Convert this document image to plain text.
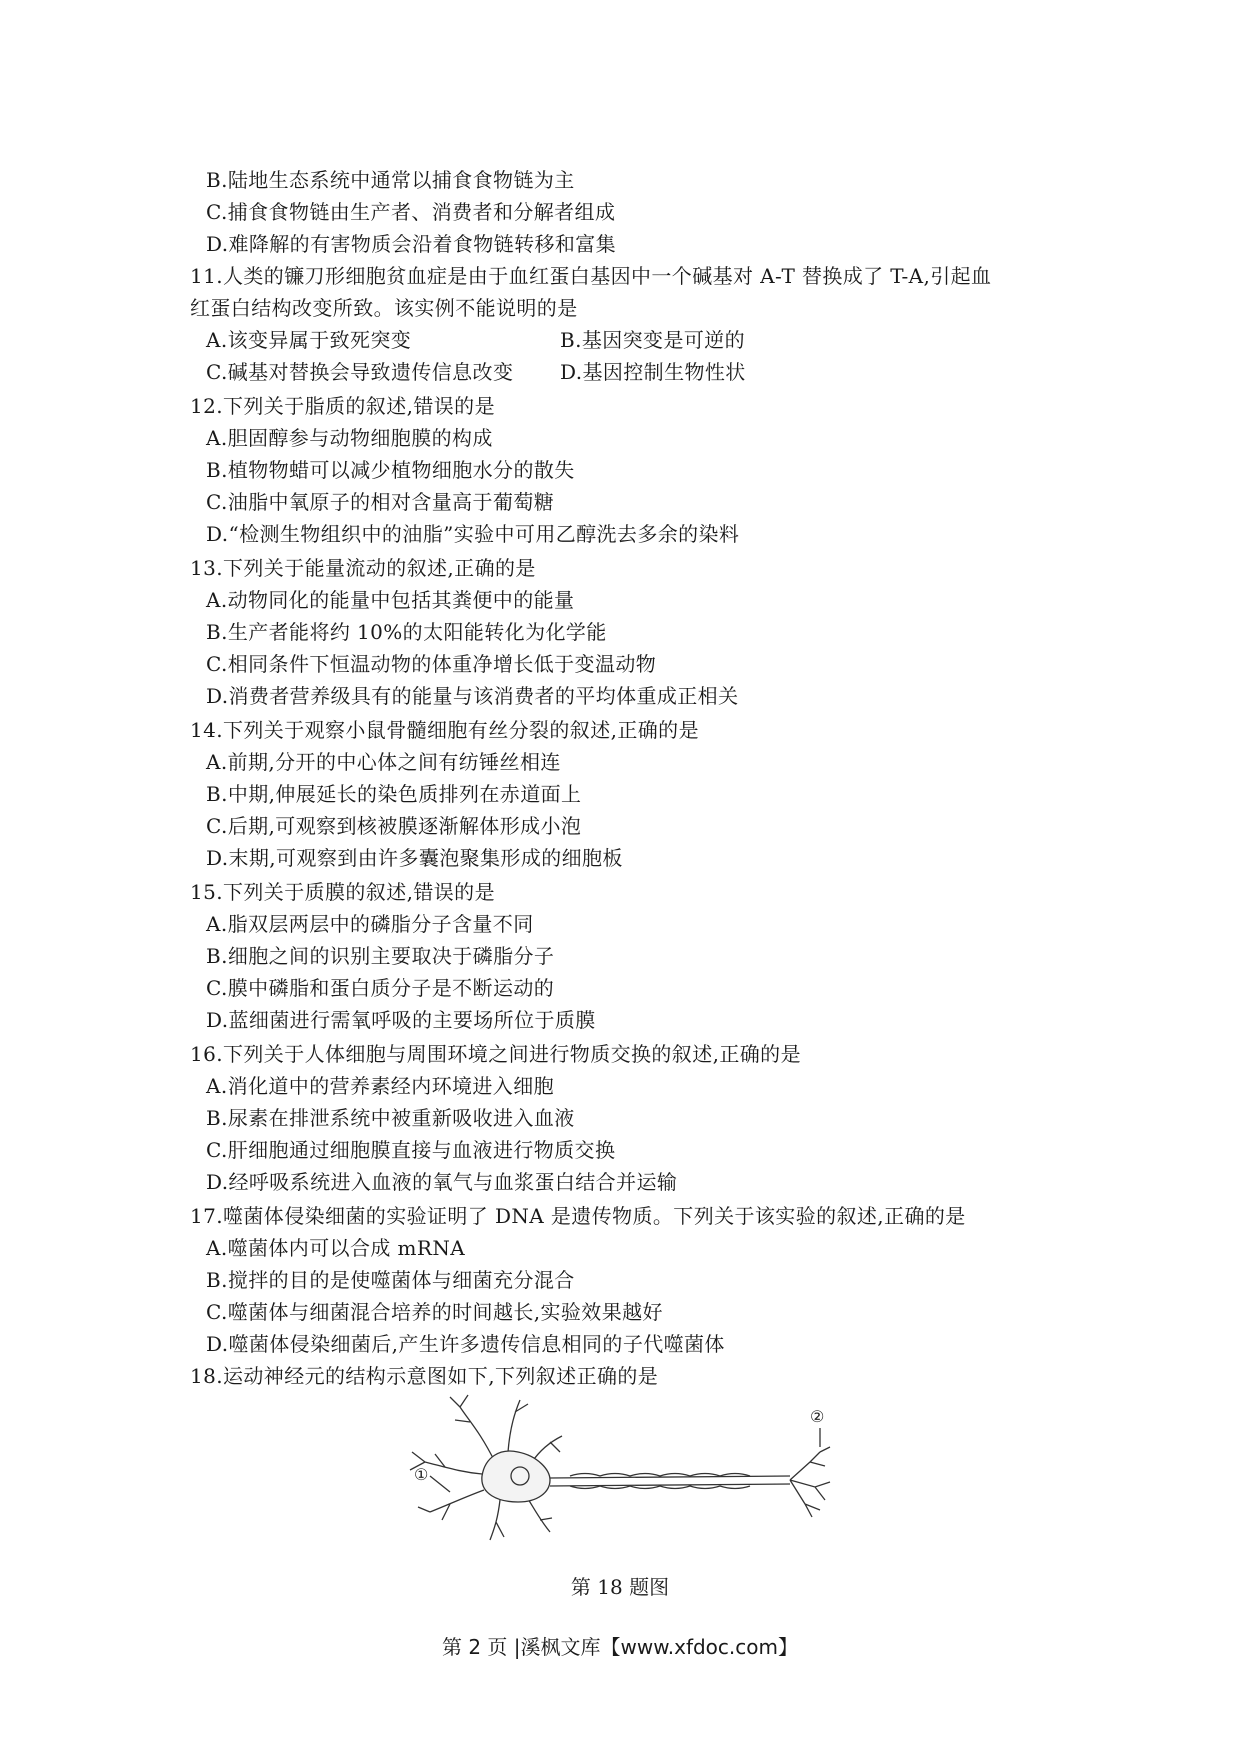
B.陆地生态系统中通常以捕食食物链为主
C.捕食食物链由生产者、消费者和分解者组成
D.难降解的有害物质会沿着食物链转移和富集
11.人类的镰刀形细胞贫血症是由于血红蛋白基因中一个碱基对 A-T 替换成了 T-A,引起血
红蛋白结构改变所致。该实例不能说明的是
A.该变异属于致死突变	B.基因突变是可逆的
C.碱基对替换会导致遗传信息改变 D.基因控制生物性状
12.下列关于脂质的叙述,错误的是
A.胆固醇参与动物细胞膜的构成
B.植物物蜡可以减少植物细胞水分的散失
C.油脂中氧原子的相对含量高于葡萄糖
D.“检测生物组织中的油脂”实验中可用乙醇洗去多余的染料
13.下列关于能量流动的叙述,正确的是
A.动物同化的能量中包括其粪便中的能量
B.生产者能将约 10%的太阳能转化为化学能
C.相同条件下恒温动物的体重净增长低于变温动物
D.消费者营养级具有的能量与该消费者的平均体重成正相关
14.下列关于观察小鼠骨髓细胞有丝分裂的叙述,正确的是
A.前期,分开的中心体之间有纺锤丝相连
B.中期,伸展延长的染色质排列在赤道面上
C.后期,可观察到核被膜逐渐解体形成小泡
D.末期,可观察到由许多囊泡聚集形成的细胞板
15.下列关于质膜的叙述,错误的是
A.脂双层两层中的磷脂分子含量不同
B.细胞之间的识别主要取决于磷脂分子
C.膜中磷脂和蛋白质分子是不断运动的
D.蓝细菌进行需氧呼吸的主要场所位于质膜
16.下列关于人体细胞与周围环境之间进行物质交换的叙述,正确的是
A.消化道中的营养素经内环境进入细胞
B.尿素在排泄系统中被重新吸收进入血液
C.肝细胞通过细胞膜直接与血液进行物质交换
D.经呼吸系统进入血液的氧气与血浆蛋白结合并运输
17.噬菌体侵染细菌的实验证明了 DNA 是遗传物质。下列关于该实验的叙述,正确的是
A.噬菌体内可以合成 mRNA
B.搅拌的目的是使噬菌体与细菌充分混合
C.噬菌体与细菌混合培养的时间越长,实验效果越好
D.噬菌体侵染细菌后,产生许多遗传信息相同的子代噬菌体
18.运动神经元的结构示意图如下,下列叙述正确的是
①
②
第 18 题图
第 2 页 |溪枫文库【www.xfdoc.com】
